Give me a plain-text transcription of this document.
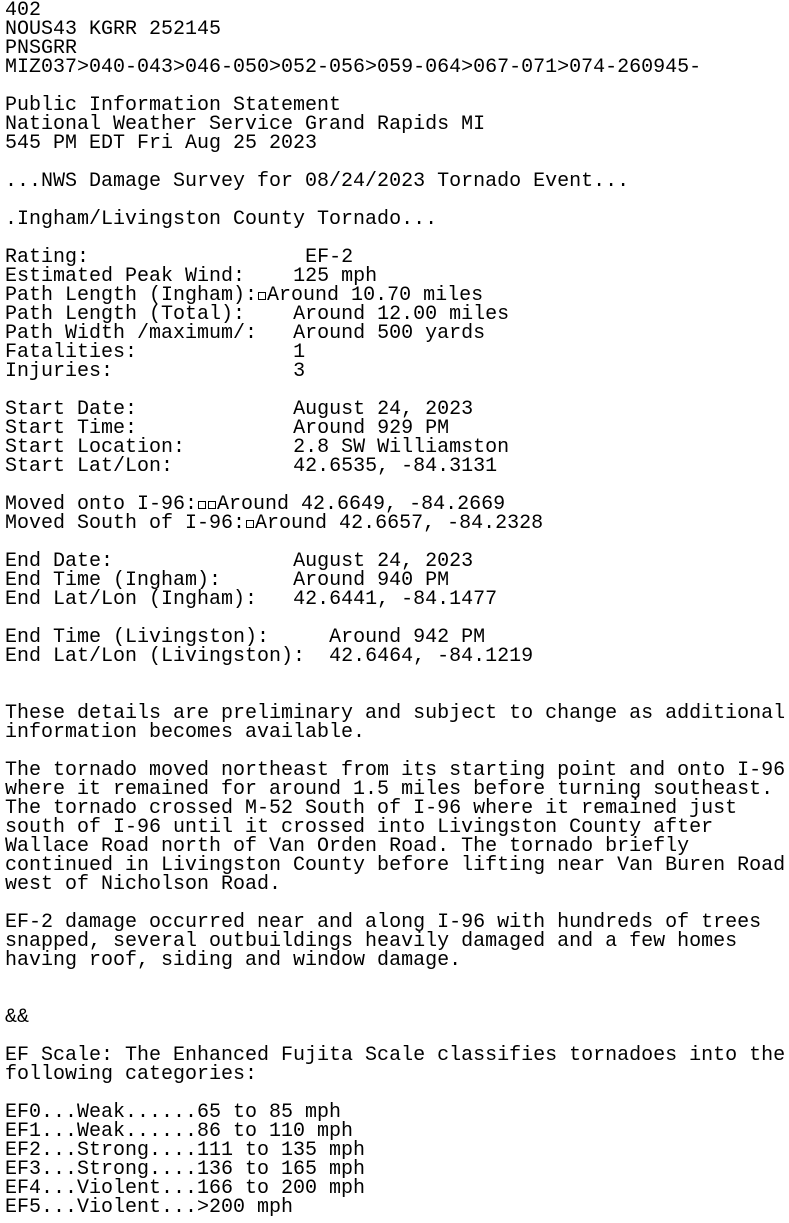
402
NOUS43 KGRR 252145
PNSGRR
MIZ037>040-043>046-050>052-056>059-064>067-071>074-260945-
Public Information Statement
National Weather Service Grand Rapids MI
545 PM EDT Fri Aug 25 2023
...NWS Damage Survey for 08/24/2023 Tornado Event...
.Ingham/Livingston County Tornado...
Rating:	EF-2
Estimated Peak Wind: 125 mph
Path Length (Ingham): Around 10.70 miles
Path Length (Total): Around 12.00 miles
Path Width /maximum/: Around 500 yards
Fatalities:	1
Injuries:	3
Start Date:	August 24, 2023
Start Time:	Around 929 PM
Start Location:	2.8 SW Williamston
Start Lat/Lon:	42.6535, -84.3131
Moved onto I-96: Around 42.6649, -84.2669
Moved South of I-96: Around 42.6657, -84.2328
End Date:	August 24, 2023
End Time (Ingham):	Around 940 PM
End Lat/Lon (Ingham): 42.6441, -84.1477
End Time (Livingston):	Around 942 PM
End Lat/Lon (Livingston): 42.6464, -84.1219
These details are preliminary and subject to change as additional
information becomes available.
The tornado moved northeast from its starting point and onto I-96
where it remained for around 1.5 miles before turning southeast.
The tornado crossed M-52 South of I-96 where it remained just
south of I-96 until it crossed into Livingston County after
Wallace Road north of Van Orden Road. The tornado briefly
continued in Livingston County before lifting near Van Buren Road
west of Nicholson Road.
EF-2 damage occurred near and along I-96 with hundreds of trees
snapped, several outbuildings heavily damaged and a few homes
having roof, siding and window damage.
&&
EF Scale: The Enhanced Fujita Scale classifies tornadoes into the
following categories:
EF0...Weak......65 to 85 mph
EF1...Weak......86 to 110 mph
EF2...Strong....111 to 135 mph
EF3...Strong....136 to 165 mph
EF4...Violent...166 to 200 mph
EF5...Violent...>200 mph
